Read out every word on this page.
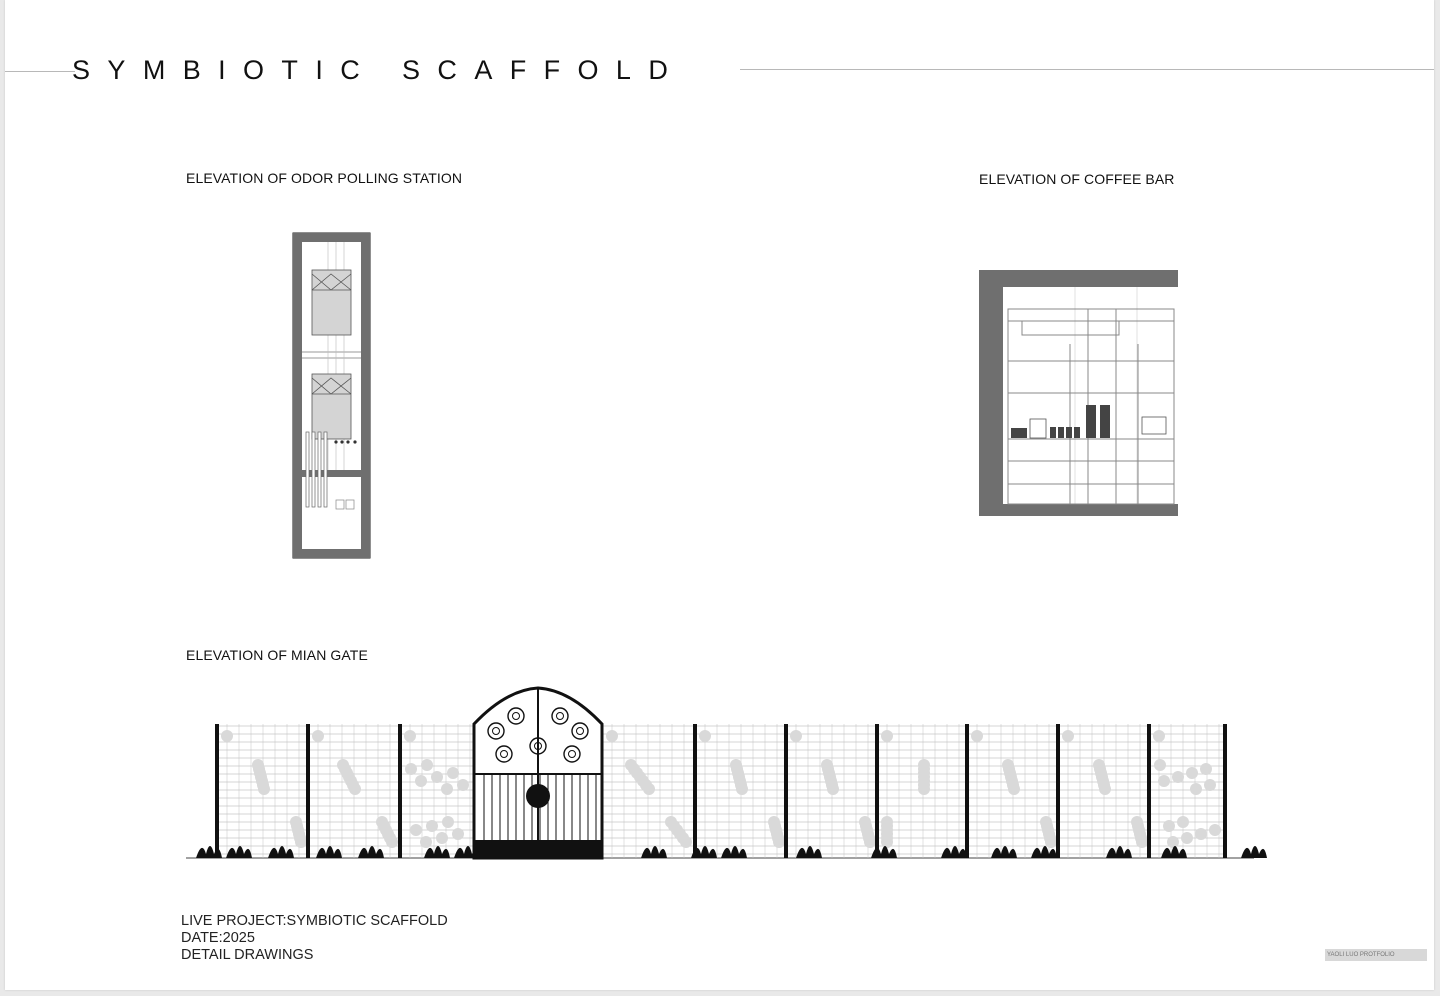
SYMBIOTIC SCAFFOLD
ELEVATION OF ODOR POLLING STATION	ELEVATION OF COFFEE BAR
ELEVATION OF MIAN GATE
LIVE PROJECT:SYMBIOTIC SCAFFOLD
DATE:2025
DETAIL DRAWINGS	YAOLI LUO PROTFOLIO
